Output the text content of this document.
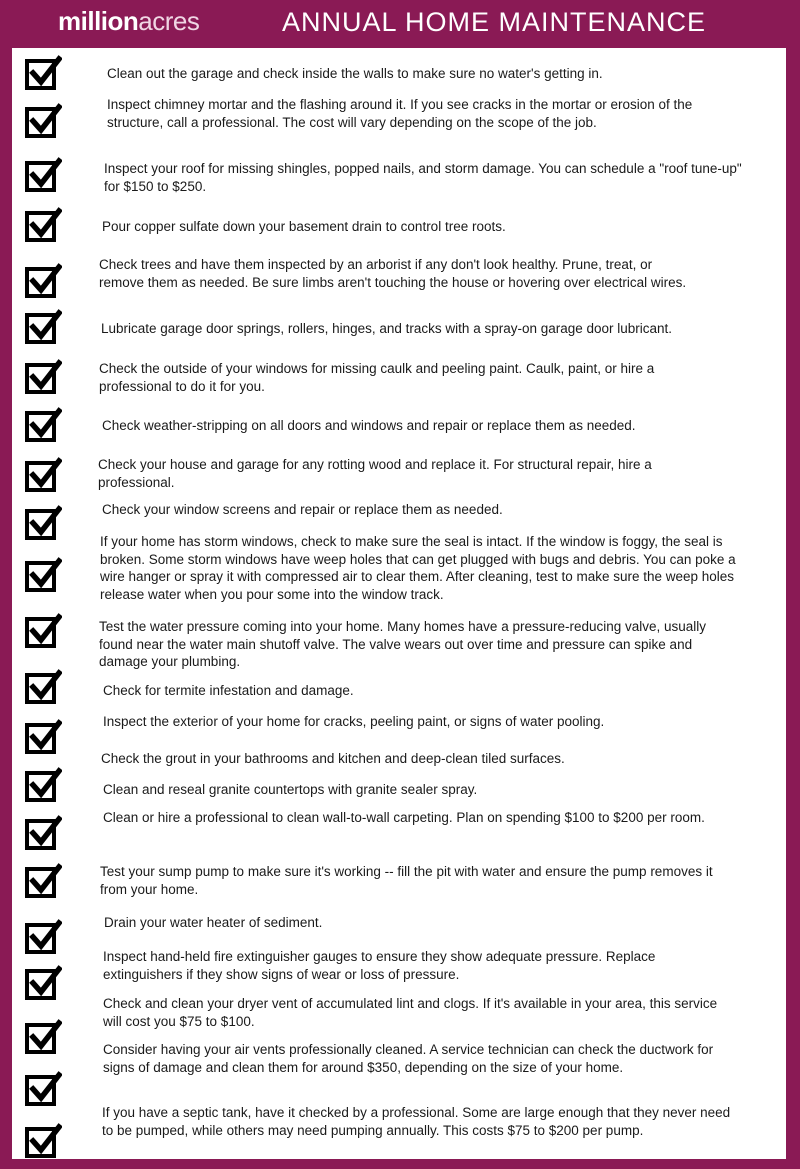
millionacres	ANNUAL HOME MAINTENANCE
Clean out the garage and check inside the walls to make sure no water's getting in.
Inspect chimney mortar and the flashing around it. If you see cracks in the mortar or erosion of the structure, call a professional. The cost will vary depending on the scope of the job.
Inspect your roof for missing shingles, popped nails, and storm damage. You can schedule a "roof tune-up" for $150 to $250.
Pour copper sulfate down your basement drain to control tree roots.
Check trees and have them inspected by an arborist if any don't look healthy. Prune, treat, or remove them as needed. Be sure limbs aren't touching the house or hovering over electrical wires.
Lubricate garage door springs, rollers, hinges, and tracks with a spray-on garage door lubricant.
Check the outside of your windows for missing caulk and peeling paint. Caulk, paint, or hire a professional to do it for you.
Check weather-stripping on all doors and windows and repair or replace them as needed.
Check your house and garage for any rotting wood and replace it. For structural repair, hire a professional.
Check your window screens and repair or replace them as needed.
If your home has storm windows, check to make sure the seal is intact. If the window is foggy, the seal is broken. Some storm windows have weep holes that can get plugged with bugs and debris. You can poke a wire hanger or spray it with compressed air to clear them. After cleaning, test to make sure the weep holes release water when you pour some into the window track.
Test the water pressure coming into your home. Many homes have a pressure-reducing valve, usually found near the water main shutoff valve. The valve wears out over time and pressure can spike and damage your plumbing.
Check for termite infestation and damage.
Inspect the exterior of your home for cracks, peeling paint, or signs of water pooling.
Check the grout in your bathrooms and kitchen and deep-clean tiled surfaces.
Clean and reseal granite countertops with granite sealer spray.
Clean or hire a professional to clean wall-to-wall carpeting. Plan on spending $100 to $200 per room.
Test your sump pump to make sure it's working -- fill the pit with water and ensure the pump removes it from your home.
Drain your water heater of sediment.
Inspect hand-held fire extinguisher gauges to ensure they show adequate pressure. Replace extinguishers if they show signs of wear or loss of pressure.
Check and clean your dryer vent of accumulated lint and clogs. If it's available in your area, this service will cost you $75 to $100.
Consider having your air vents professionally cleaned. A service technician can check the ductwork for signs of damage and clean them for around $350, depending on the size of your home.
If you have a septic tank, have it checked by a professional. Some are large enough that they never need to be pumped, while others may need pumping annually. This costs $75 to $200 per pump.
